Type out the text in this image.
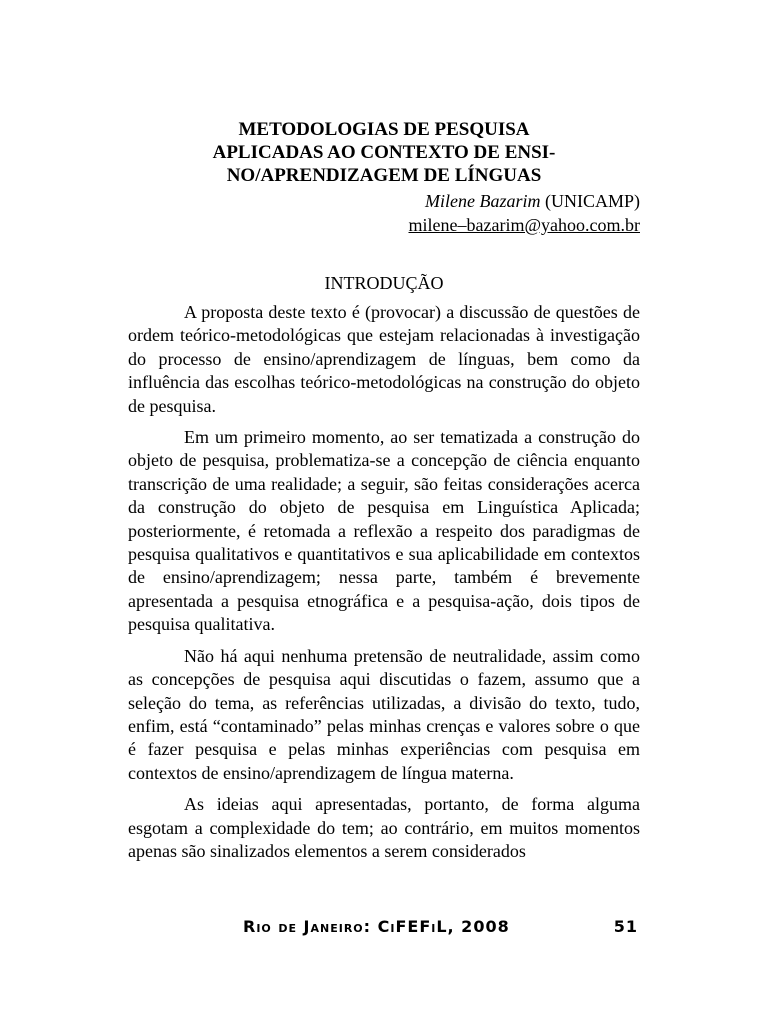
METODOLOGIAS DE PESQUISA
APLICADAS AO CONTEXTO DE ENSI-
NO/APRENDIZAGEM DE LÍNGUAS
Milene Bazarim (UNICAMP)
milene–bazarim@yahoo.com.br
INTRODUÇÃO

A proposta deste texto é (provocar) a discussão de questões de ordem teórico-metodológicas que estejam relacionadas à investigação do processo de ensino/aprendizagem de línguas, bem como da influência das escolhas teórico-metodológicas na construção do objeto de pesquisa.

Em um primeiro momento, ao ser tematizada a construção do objeto de pesquisa, problematiza-se a concepção de ciência enquanto transcrição de uma realidade; a seguir, são feitas considerações acerca da construção do objeto de pesquisa em Linguística Aplicada; posteriormente, é retomada a reflexão a respeito dos paradigmas de pesquisa qualitativos e quantitativos e sua aplicabilidade em contextos de ensino/aprendizagem; nessa parte, também é brevemente apresentada a pesquisa etnográfica e a pesquisa-ação, dois tipos de pesquisa qualitativa.

Não há aqui nenhuma pretensão de neutralidade, assim como as concepções de pesquisa aqui discutidas o fazem, assumo que a seleção do tema, as referências utilizadas, a divisão do texto, tudo, enfim, está “contaminado” pelas minhas crenças e valores sobre o que é fazer pesquisa e pelas minhas experiências com pesquisa em contextos de ensino/aprendizagem de língua materna.

As ideias aqui apresentadas, portanto, de forma alguma esgotam a complexidade do tem; ao contrário, em muitos momentos apenas são sinalizados elementos a serem considerados

Rio de Janeiro: CiFEFiL, 2008	51
